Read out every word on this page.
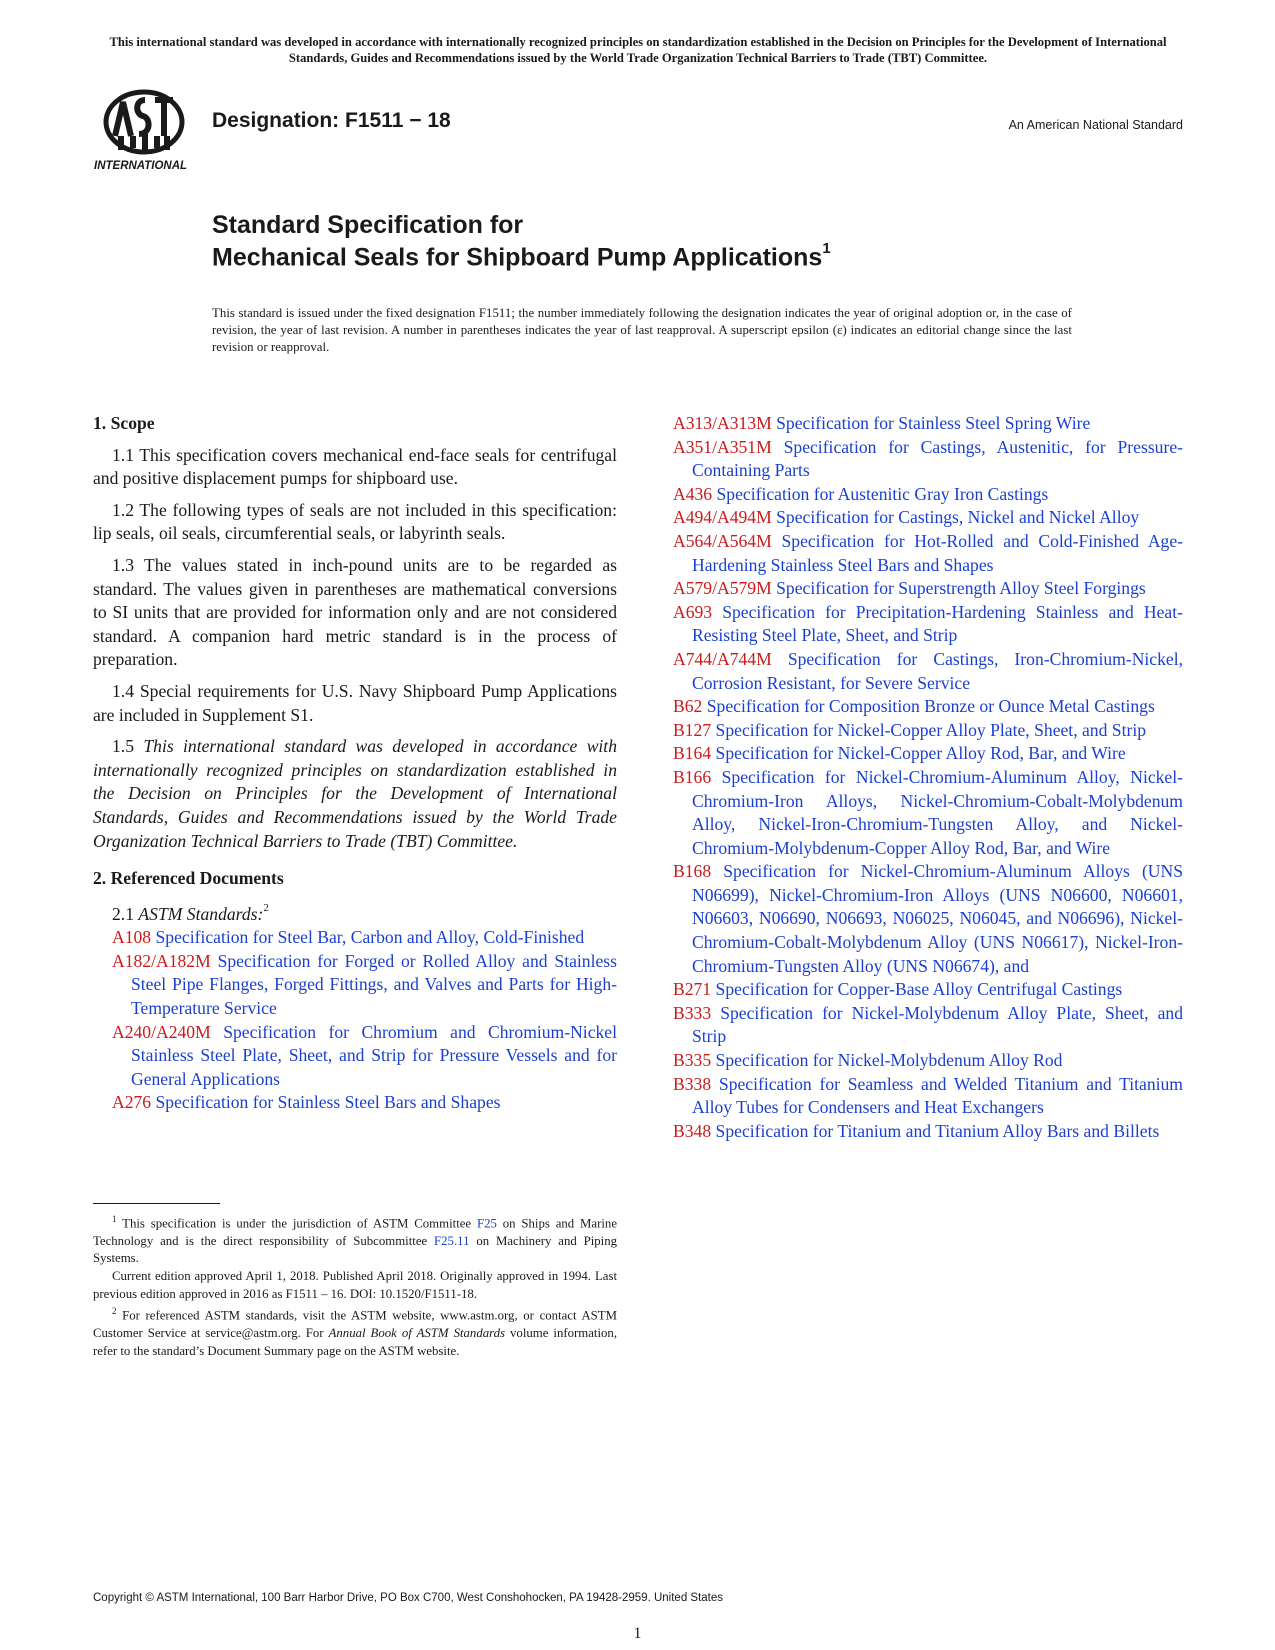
This international standard was developed in accordance with internationally recognized principles on standardization established in the Decision on Principles for the Development of International Standards, Guides and Recommendations issued by the World Trade Organization Technical Barriers to Trade (TBT) Committee.
INTERNATIONAL
Designation: F1511 − 18	An American National Standard
Standard Specification for
Mechanical Seals for Shipboard Pump Applications$^1$
This standard is issued under the fixed designation F1511; the number immediately following the designation indicates the year of original adoption or, in the case of revision, the year of last revision. A number in parentheses indicates the year of last reapproval. A superscript epsilon (ε) indicates an editorial change since the last revision or reapproval.

1. Scope

1.1 This specification covers mechanical end-face seals for centrifugal and positive displacement pumps for shipboard use.

1.2 The following types of seals are not included in this specification: lip seals, oil seals, circumferential seals, or labyrinth seals.

1.3 The values stated in inch-pound units are to be regarded as standard. The values given in parentheses are mathematical conversions to SI units that are provided for information only and are not considered standard. A companion hard metric standard is in the process of preparation.

1.4 Special requirements for U.S. Navy Shipboard Pump Applications are included in Supplement S1.

1.5 This international standard was developed in accordance with internationally recognized principles on standardization established in the Decision on Principles for the Development of International Standards, Guides and Recommendations issued by the World Trade Organization Technical Barriers to Trade (TBT) Committee.

2. Referenced Documents

2.1 ASTM Standards:$^2$

A108 Specification for Steel Bar, Carbon and Alloy, Cold-Finished

A182/A182M Specification for Forged or Rolled Alloy and Stainless Steel Pipe Flanges, Forged Fittings, and Valves and Parts for High-Temperature Service

A240/A240M Specification for Chromium and Chromium-Nickel Stainless Steel Plate, Sheet, and Strip for Pressure Vessels and for General Applications

A276 Specification for Stainless Steel Bars and Shapes

A313/A313M Specification for Stainless Steel Spring Wire

A351/A351M Specification for Castings, Austenitic, for Pressure-Containing Parts

A436 Specification for Austenitic Gray Iron Castings

A494/A494M Specification for Castings, Nickel and Nickel Alloy

A564/A564M Specification for Hot-Rolled and Cold-Finished Age-Hardening Stainless Steel Bars and Shapes

A579/A579M Specification for Superstrength Alloy Steel Forgings

A693 Specification for Precipitation-Hardening Stainless and Heat-Resisting Steel Plate, Sheet, and Strip

A744/A744M Specification for Castings, Iron-Chromium-Nickel, Corrosion Resistant, for Severe Service

B62 Specification for Composition Bronze or Ounce Metal Castings

B127 Specification for Nickel-Copper Alloy Plate, Sheet, and Strip

B164 Specification for Nickel-Copper Alloy Rod, Bar, and Wire

B166 Specification for Nickel-Chromium-Aluminum Alloy, Nickel-Chromium-Iron Alloys, Nickel-Chromium-Cobalt-Molybdenum Alloy, Nickel-Iron-Chromium-Tungsten Alloy, and Nickel-Chromium-Molybdenum-Copper Alloy Rod, Bar, and Wire

B168 Specification for Nickel-Chromium-Aluminum Alloys (UNS N06699), Nickel-Chromium-Iron Alloys (UNS N06600, N06601, N06603, N06690, N06693, N06025, N06045, and N06696), Nickel-Chromium-Cobalt-Molybdenum Alloy (UNS N06617), Nickel-Iron-Chromium-Tungsten Alloy (UNS N06674), and

B271 Specification for Copper-Base Alloy Centrifugal Castings

B333 Specification for Nickel-Molybdenum Alloy Plate, Sheet, and Strip

B335 Specification for Nickel-Molybdenum Alloy Rod

B338 Specification for Seamless and Welded Titanium and Titanium Alloy Tubes for Condensers and Heat Exchangers

B348 Specification for Titanium and Titanium Alloy Bars and Billets

$^1$ This specification is under the jurisdiction of ASTM Committee F25 on Ships and Marine Technology and is the direct responsibility of Subcommittee F25.11 on Machinery and Piping Systems.

Current edition approved April 1, 2018. Published April 2018. Originally approved in 1994. Last previous edition approved in 2016 as F1511 – 16. DOI: 10.1520/F1511-18.

$^2$ For referenced ASTM standards, visit the ASTM website, www.astm.org, or contact ASTM Customer Service at service@astm.org. For Annual Book of ASTM Standards volume information, refer to the standard’s Document Summary page on the ASTM website.

Copyright © ASTM International, 100 Barr Harbor Drive, PO Box C700, West Conshohocken, PA 19428-2959. United States
1
